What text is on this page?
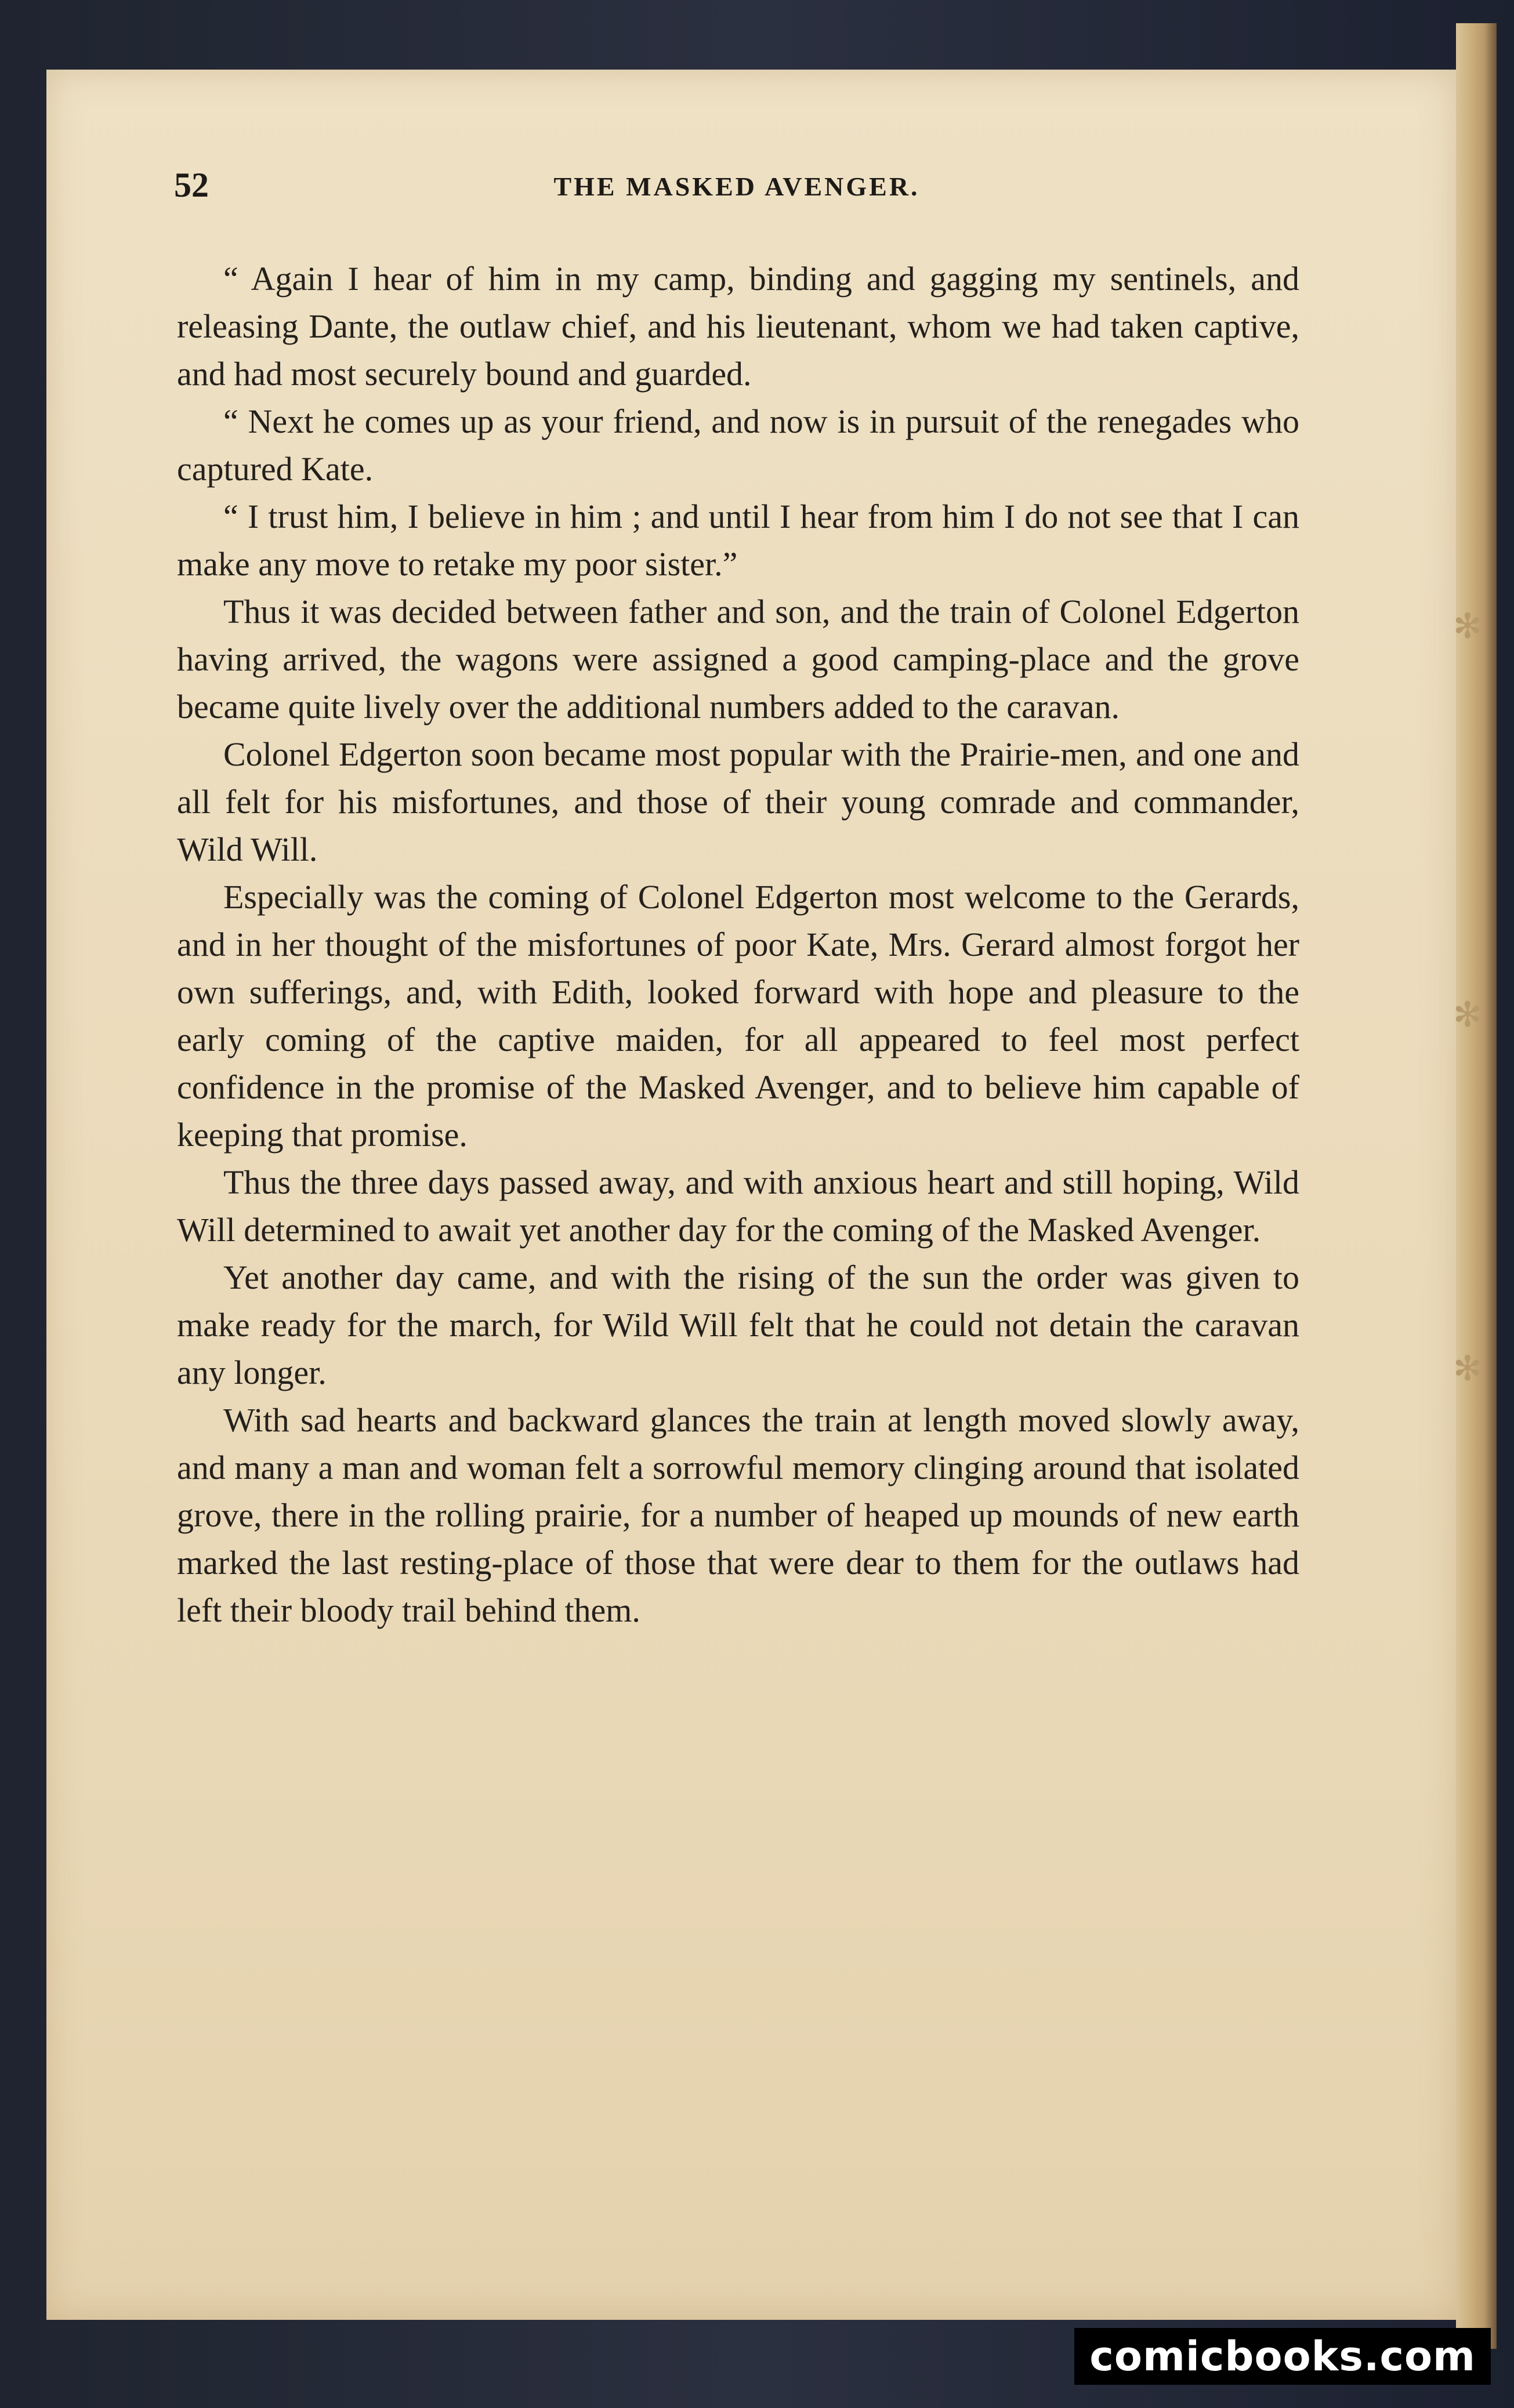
✻
✻
✻
52	THE MASKED AVENGER.

“ Again I hear of him in my camp, binding and gagging my sentinels, and releasing Dante, the outlaw chief, and his lieutenant, whom we had taken captive, and had most securely bound and guarded.

“ Next he comes up as your friend, and now is in pursuit of the renegades who captured Kate.

“ I trust him, I believe in him ; and until I hear from him I do not see that I can make any move to retake my poor sister.”

Thus it was decided between father and son, and the train of Colonel Edgerton having arrived, the wagons were assigned a good camping-place and the grove became quite lively over the additional numbers added to the caravan.

Colonel Edgerton soon became most popular with the Prairie-men, and one and all felt for his misfortunes, and those of their young comrade and commander, Wild Will.

Especially was the coming of Colonel Edgerton most welcome to the Gerards, and in her thought of the misfortunes of poor Kate, Mrs. Gerard almost forgot her own sufferings, and, with Edith, looked forward with hope and pleasure to the early coming of the captive maiden, for all appeared to feel most perfect confidence in the promise of the Masked Avenger, and to believe him capable of keeping that promise.

Thus the three days passed away, and with anxious heart and still hoping, Wild Will determined to await yet another day for the coming of the Masked Avenger.

Yet another day came, and with the rising of the sun the order was given to make ready for the march, for Wild Will felt that he could not detain the caravan any longer.

With sad hearts and backward glances the train at length moved slowly away, and many a man and woman felt a sorrowful memory clinging around that isolated grove, there in the rolling prairie, for a number of heaped up mounds of new earth marked the last resting-place of those that were dear to them for the outlaws had left their bloody trail behind them.

comicbooks.com
